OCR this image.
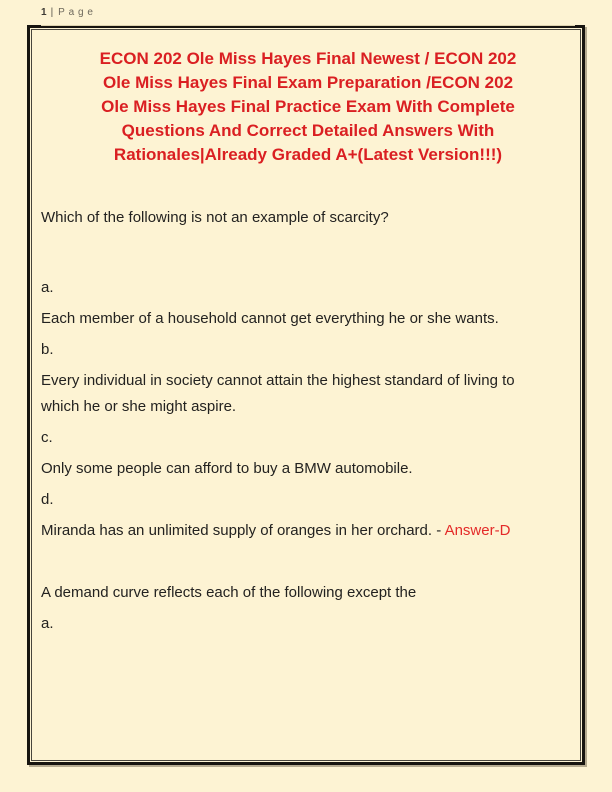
1 | Page
ECON 202 Ole Miss Hayes Final Newest / ECON 202
Ole Miss Hayes Final Exam Preparation /ECON 202
Ole Miss Hayes Final Practice Exam With Complete
Questions And Correct Detailed Answers With
Rationales|Already Graded A+(Latest Version!!!)

Which of the following is not an example of scarcity?

a.

Each member of a household cannot get everything he or she wants.

b.

Every individual in society cannot attain the highest standard of living to which he or she might aspire.

c.

Only some people can afford to buy a BMW automobile.

d.

Miranda has an unlimited supply of oranges in her orchard. - Answer-D

A demand curve reflects each of the following except the

a.
